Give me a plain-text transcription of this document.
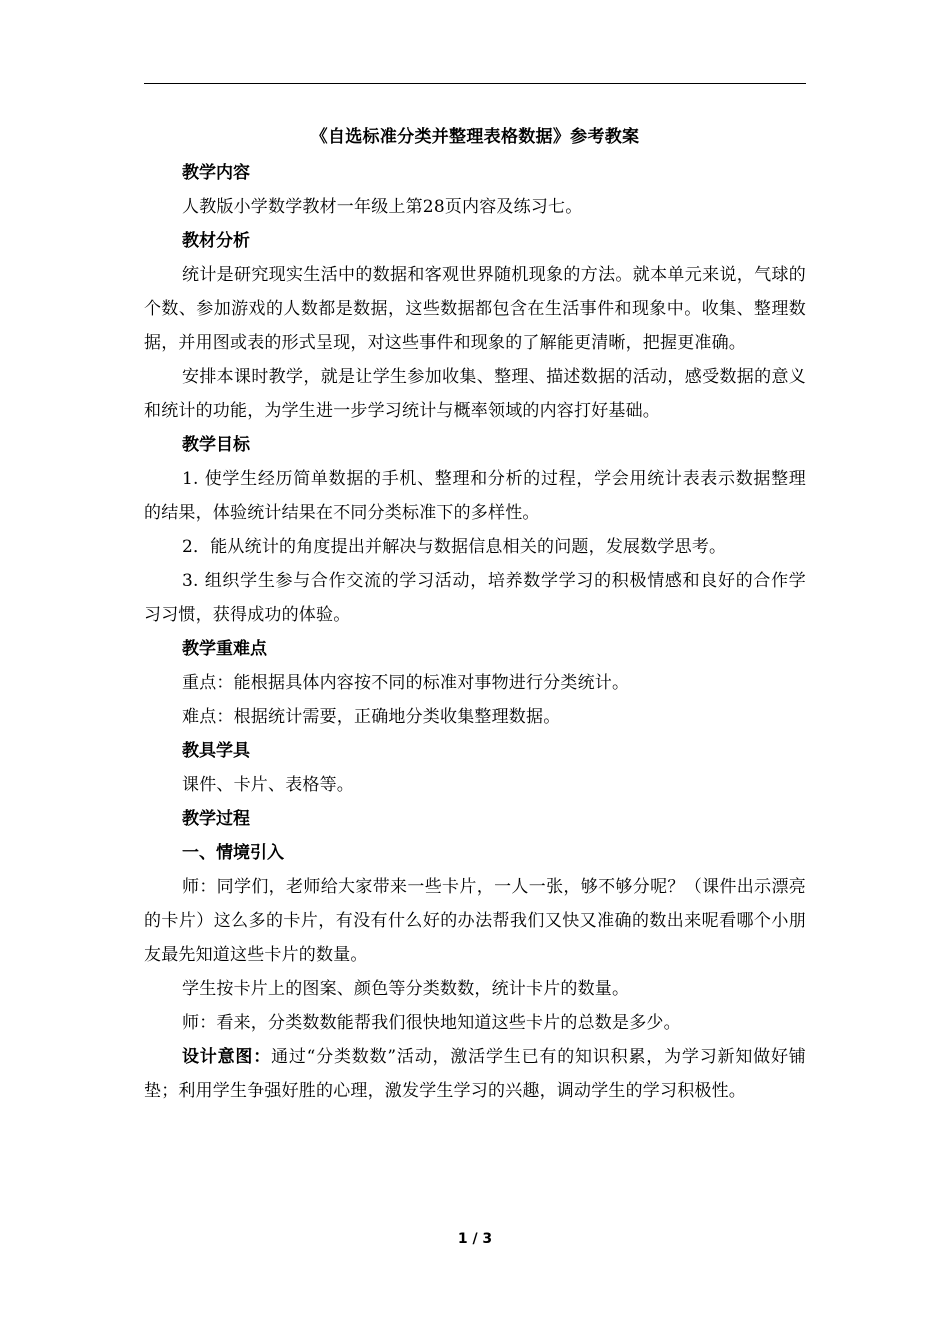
《自选标准分类并整理表格数据》参考教案
教学内容
人教版小学数学教材一年级上第28页内容及练习七。
教材分析
统计是研究现实生活中的数据和客观世界随机现象的方法。就本单元来说，气球的个数、参加游戏的人数都是数据，这些数据都包含在生活事件和现象中。收集、整理数据，并用图或表的形式呈现，对这些事件和现象的了解能更清晰，把握更准确。
安排本课时教学，就是让学生参加收集、整理、描述数据的活动，感受数据的意义和统计的功能，为学生进一步学习统计与概率领域的内容打好基础。
教学目标
1. 使学生经历简单数据的手机、整理和分析的过程，学会用统计表表示数据整理的结果，体验统计结果在不同分类标准下的多样性。
2．能从统计的角度提出并解决与数据信息相关的问题，发展数学思考。
3. 组织学生参与合作交流的学习活动，培养数学学习的积极情感和良好的合作学习习惯，获得成功的体验。
教学重难点
重点：能根据具体内容按不同的标准对事物进行分类统计。
难点：根据统计需要，正确地分类收集整理数据。
教具学具
课件、卡片、表格等。
教学过程
一、情境引入
师：同学们，老师给大家带来一些卡片，一人一张，够不够分呢？（课件出示漂亮的卡片）这么多的卡片，有没有什么好的办法帮我们又快又准确的数出来呢看哪个小朋友最先知道这些卡片的数量。
学生按卡片上的图案、颜色等分类数数，统计卡片的数量。
师：看来，分类数数能帮我们很快地知道这些卡片的总数是多少。
设计意图：通过“分类数数”活动，激活学生已有的知识积累，为学习新知做好铺垫；利用学生争强好胜的心理，激发学生学习的兴趣，调动学生的学习积极性。
1 / 3
